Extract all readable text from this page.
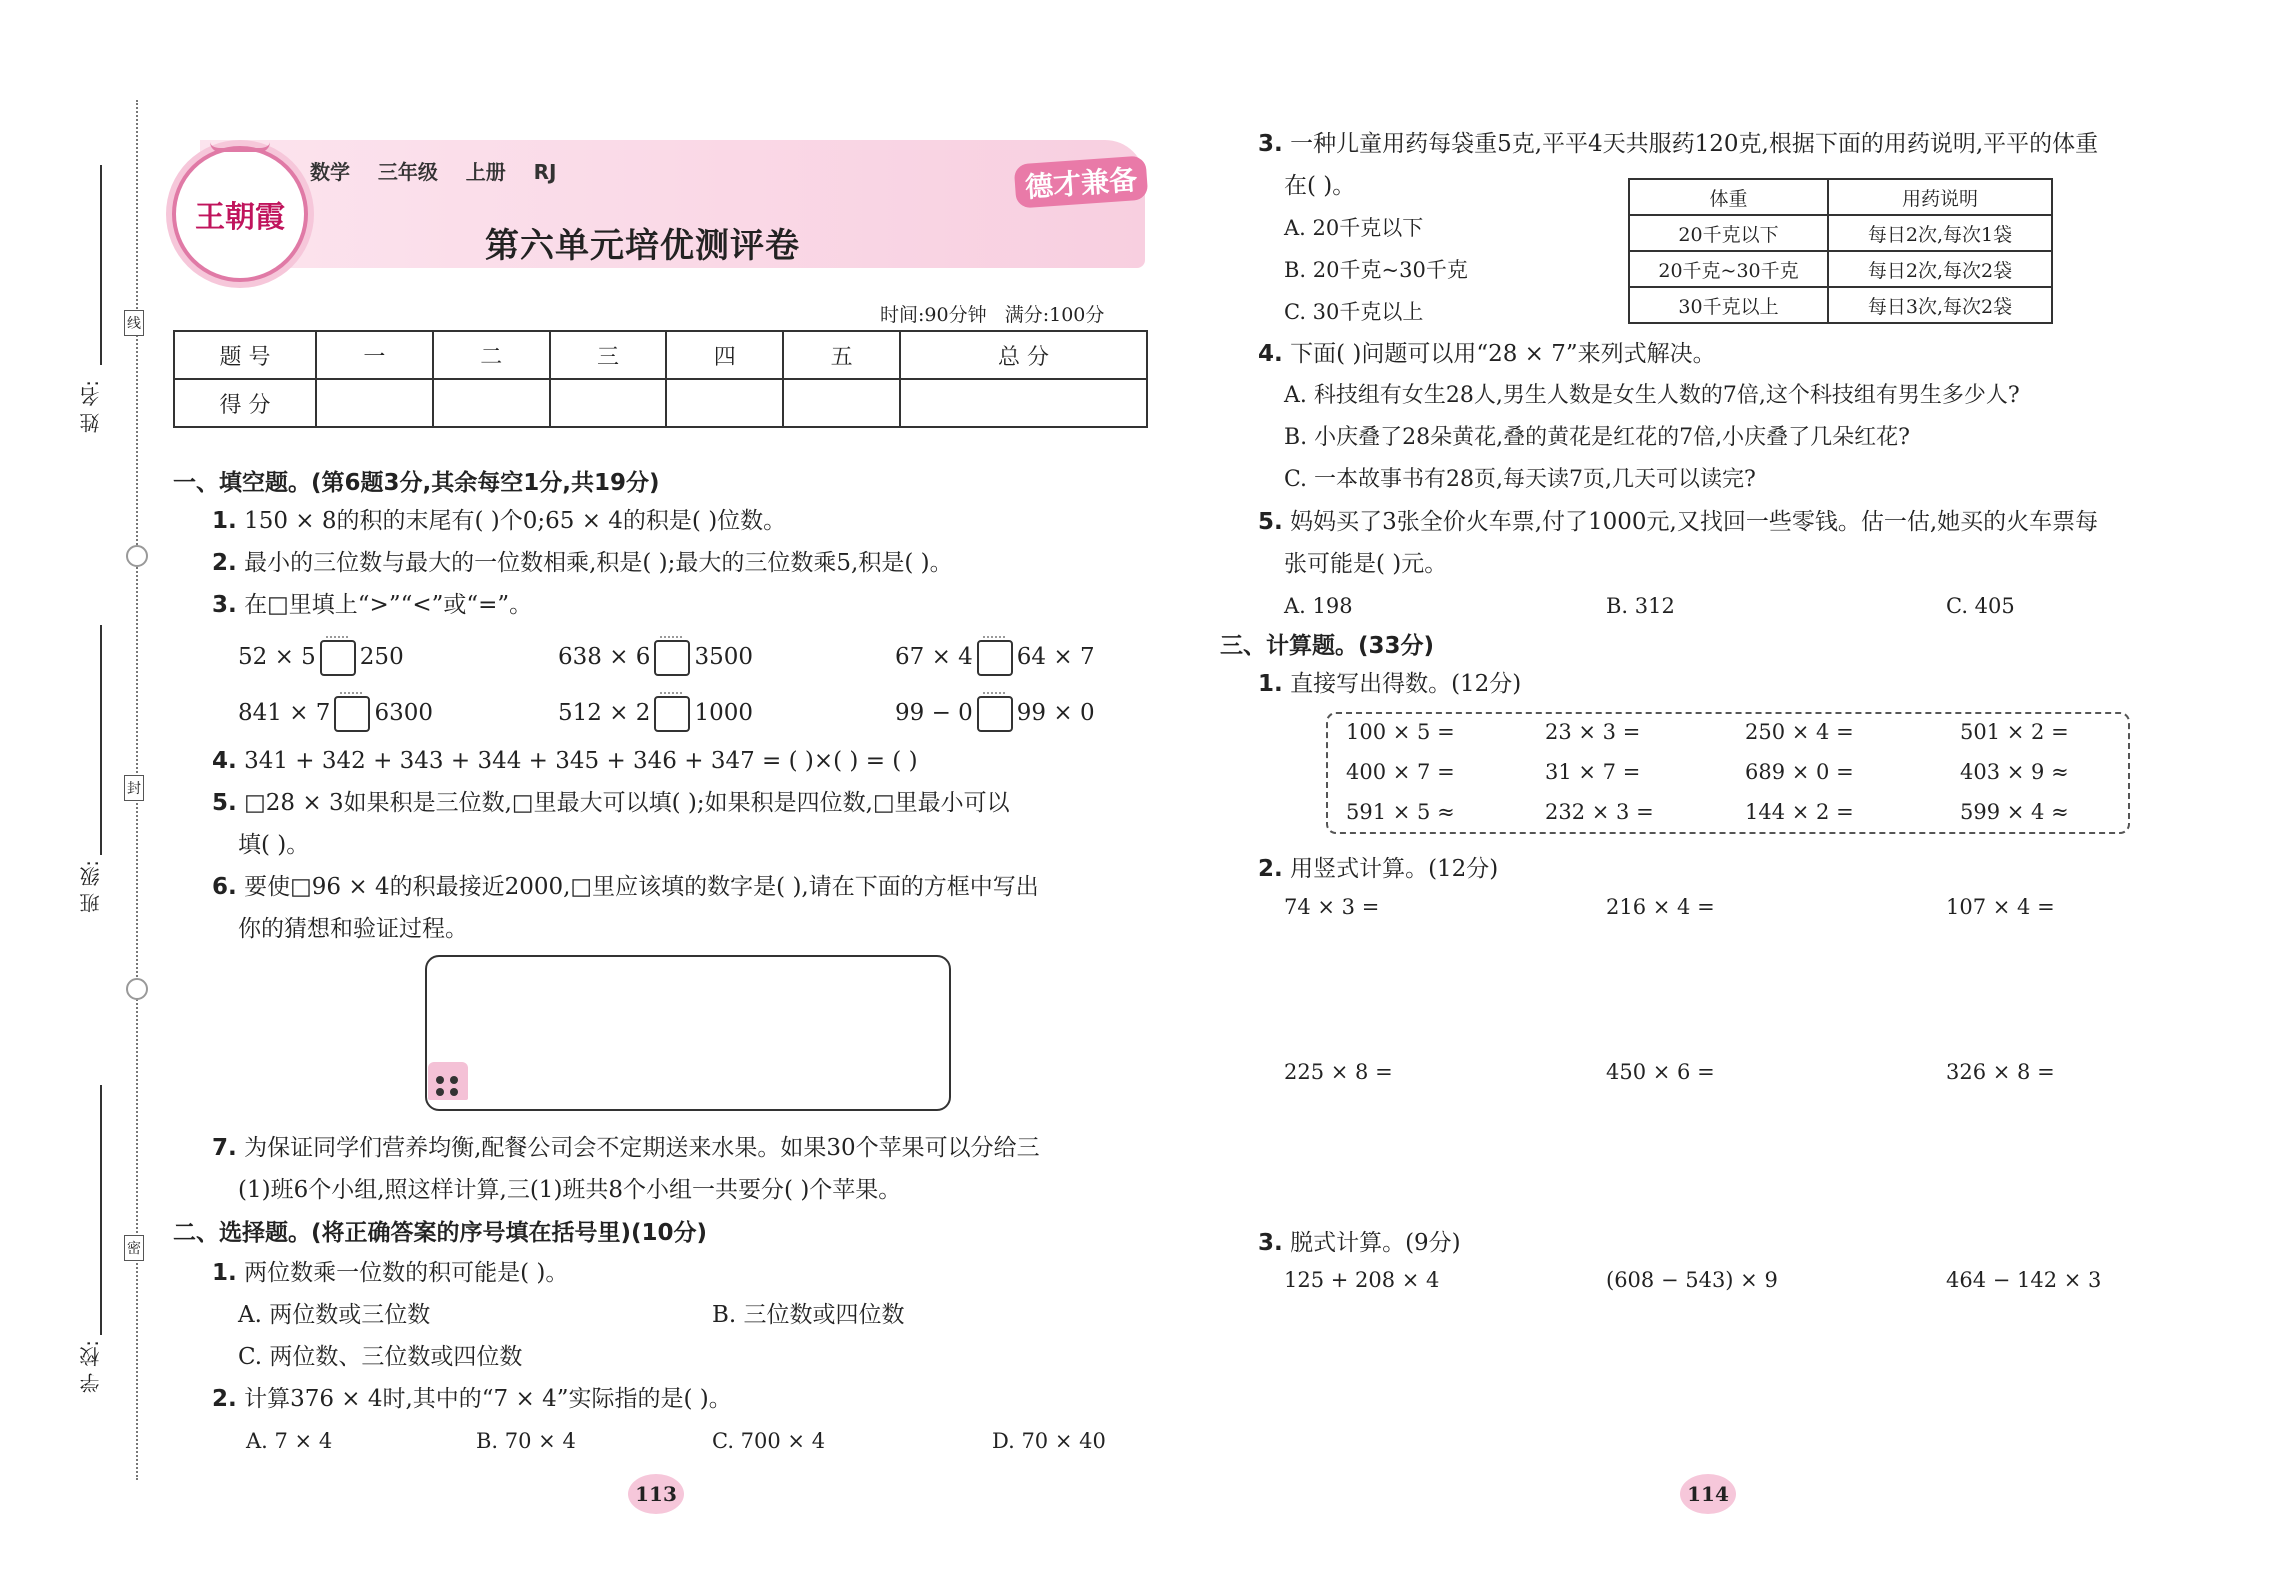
姓 名:
班 级:
学 校:
线
封
密
王朝霞
数学 三年级 上册 RJ	德才兼备
第六单元培优测评卷
时间:90分钟 满分:100分
题 号	一	二	三	四	五	总 分
得 分						
一、填空题。(第6题3分,其余每空1分,共19分)
1. 150 × 8的积的末尾有( )个0;65 × 4的积是( )位数。
2. 最小的三位数与最大的一位数相乘,积是( );最大的三位数乘5,积是( )。
3. 在□里填上“>”“<”或“=”。
52 × 5 250	638 × 6 3500	67 × 4 64 × 7
841 × 7 6300	512 × 2 1000	99 − 0 99 × 0
4. 341 + 342 + 343 + 344 + 345 + 346 + 347 = ( )×( ) = ( )
5. □28 × 3如果积是三位数,□里最大可以填( );如果积是四位数,□里最小可以
填( )。
6. 要使□96 × 4的积最接近2000,□里应该填的数字是( ),请在下面的方框中写出
你的猜想和验证过程。
7. 为保证同学们营养均衡,配餐公司会不定期送来水果。如果30个苹果可以分给三
(1)班6个小组,照这样计算,三(1)班共8个小组一共要分( )个苹果。
二、选择题。(将正确答案的序号填在括号里)(10分)
1. 两位数乘一位数的积可能是( )。
A. 两位数或三位数	B. 三位数或四位数
C. 两位数、三位数或四位数
2. 计算376 × 4时,其中的“7 × 4”实际指的是( )。
A. 7 × 4	B. 70 × 4	C. 700 × 4	D. 70 × 40
113
3. 一种儿童用药每袋重5克,平平4天共服药120克,根据下面的用药说明,平平的体重
在( )。
A. 20千克以下
B. 20千克~30千克
C. 30千克以上
体重	用药说明
20千克以下	每日2次,每次1袋
20千克~30千克	每日2次,每次2袋
30千克以上	每日3次,每次2袋
4. 下面( )问题可以用“28 × 7”来列式解决。
A. 科技组有女生28人,男生人数是女生人数的7倍,这个科技组有男生多少人?
B. 小庆叠了28朵黄花,叠的黄花是红花的7倍,小庆叠了几朵红花?
C. 一本故事书有28页,每天读7页,几天可以读完?
5. 妈妈买了3张全价火车票,付了1000元,又找回一些零钱。估一估,她买的火车票每
张可能是( )元。
A. 198	B. 312	C. 405
三、计算题。(33分)
1. 直接写出得数。(12分)
100 × 5 =	23 × 3 =	250 × 4 =	501 × 2 =
400 × 7 =	31 × 7 =	689 × 0 =	403 × 9 ≈
591 × 5 ≈	232 × 3 =	144 × 2 =	599 × 4 ≈
2. 用竖式计算。(12分)
74 × 3 =	216 × 4 =	107 × 4 =
225 × 8 =	450 × 6 =	326 × 8 =
3. 脱式计算。(9分)
125 + 208 × 4	(608 − 543) × 9	464 − 142 × 3
114
